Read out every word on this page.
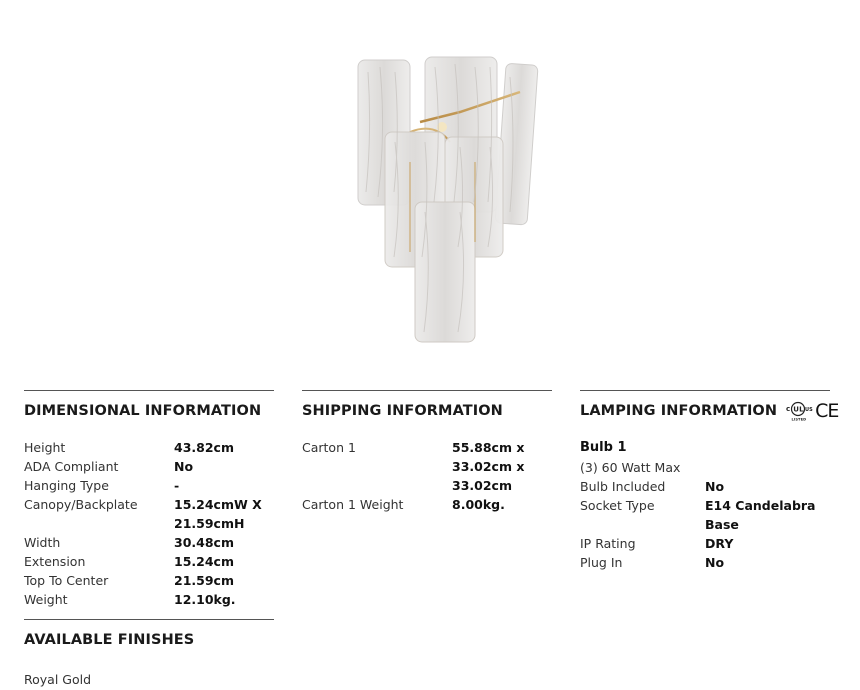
DIMENSIONAL INFORMATION
Height	43.82cm
ADA Compliant	No
Hanging Type	-
Canopy/Backplate	15.24cmW X 21.59cmH
Width	30.48cm
Extension	15.24cm
Top To Center	21.59cm
Weight	12.10kg.
SHIPPING INFORMATION
Carton 1	55.88cm x 33.02cm x 33.02cm
Carton 1 Weight	8.00kg.
LAMPING INFORMATION c UL US
LISTED CE
Bulb 1
(3) 60 Watt Max
Bulb Included	No
Socket Type	E14 Candelabra Base
IP Rating	DRY
Plug In	No
AVAILABLE FINISHES
Royal Gold
